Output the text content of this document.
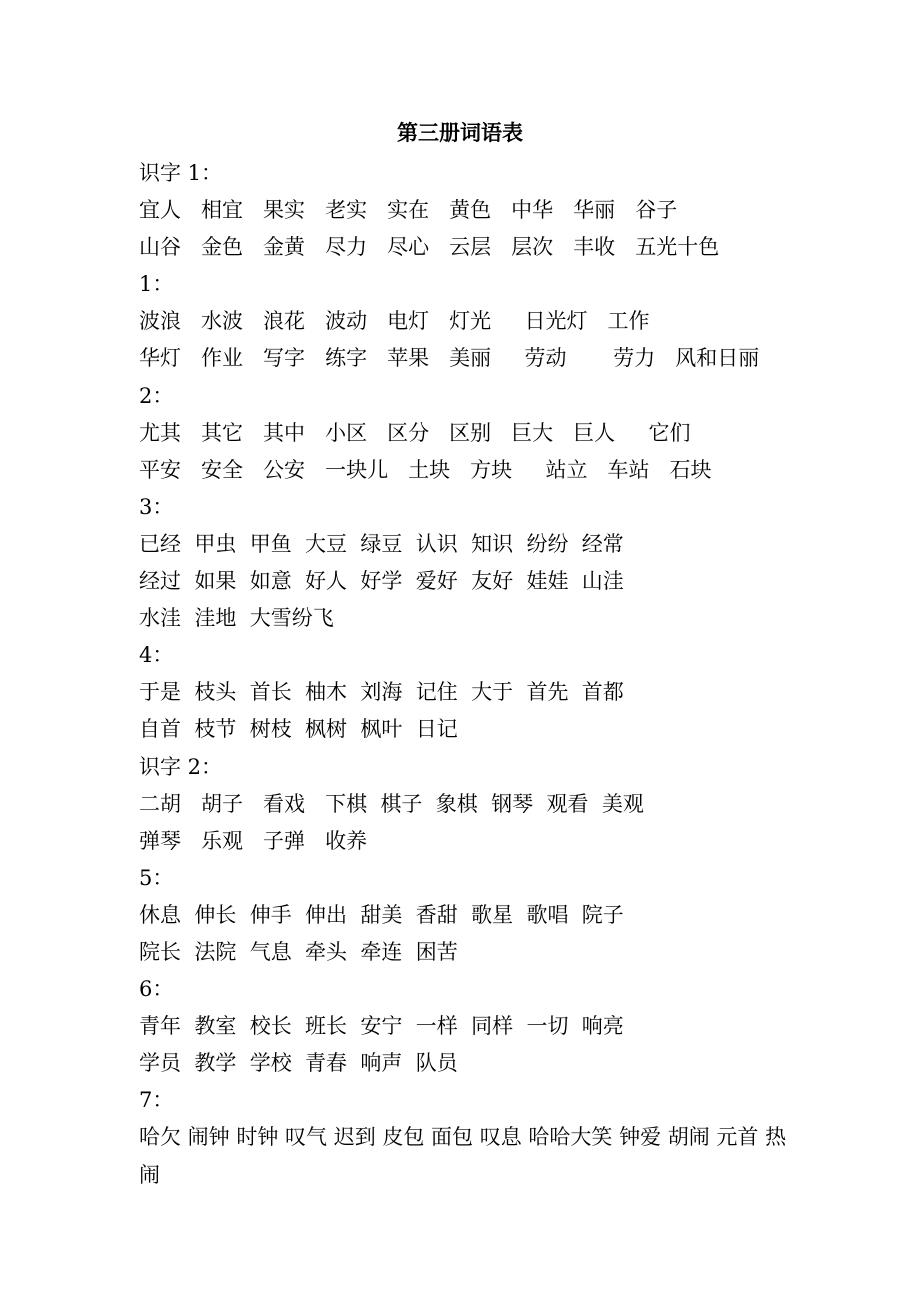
第三册词语表
识字 1：
宜人   相宜   果实   老实   实在   黄色   中华   华丽   谷子
山谷   金色   金黄   尽力   尽心   云层   层次   丰收   五光十色
1：
波浪   水波   浪花   波动   电灯   灯光     日光灯   工作
华灯   作业   写字   练字   苹果   美丽     劳动       劳力   风和日丽
2：
尤其   其它   其中   小区   区分   区别   巨大   巨人     它们
平安   安全   公安   一块儿   土块   方块     站立   车站   石块
3：
已经  甲虫  甲鱼  大豆  绿豆  认识  知识  纷纷  经常
经过  如果  如意  好人  好学  爱好  友好  娃娃  山洼
水洼  洼地  大雪纷飞
4：
于是  枝头  首长  柚木  刘海  记住  大于  首先  首都
自首  枝节  树枝  枫树  枫叶  日记
识字 2：
二胡   胡子   看戏   下棋  棋子  象棋  钢琴  观看  美观
弹琴   乐观   子弹   收养
5：
休息  伸长  伸手  伸出  甜美  香甜  歌星  歌唱  院子
院长  法院  气息  牵头  牵连  困苦
6：
青年  教室  校长  班长  安宁  一样  同样  一切  响亮
学员  教学  学校  青春  响声  队员
7：
哈欠 闹钟 时钟 叹气 迟到 皮包 面包 叹息 哈哈大笑 钟爱 胡闹 元首 热闹
